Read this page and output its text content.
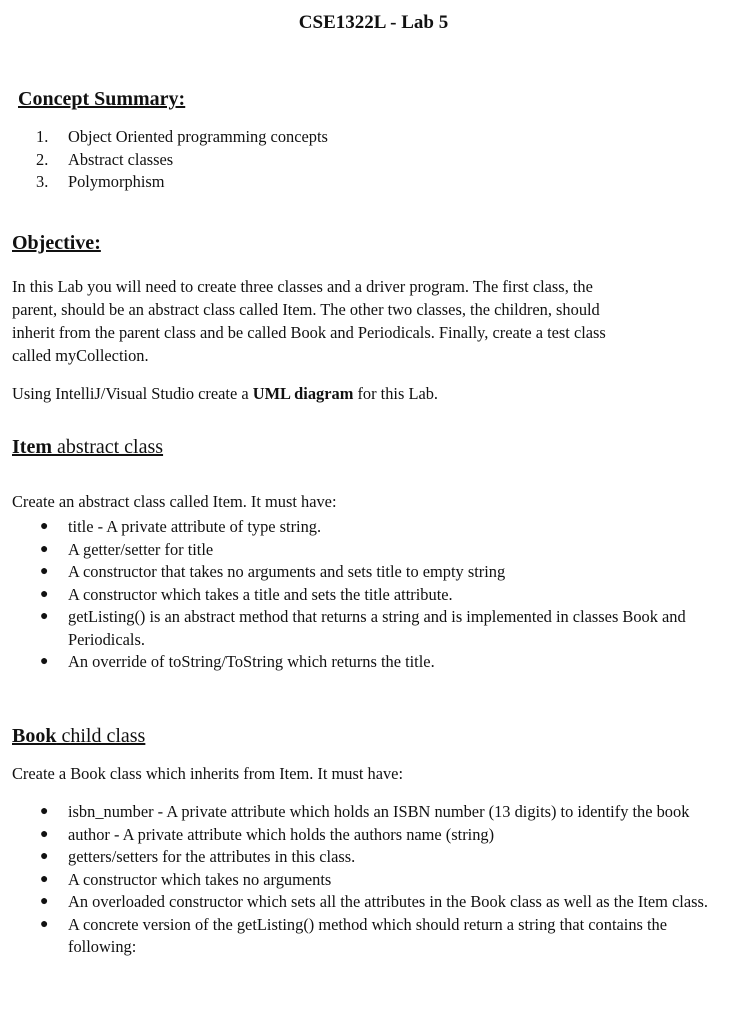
CSE1322L - Lab 5
Concept Summary:
1. Object Oriented programming concepts
2. Abstract classes
3. Polymorphism
Objective:
In this Lab you will need to create three classes and a driver program. The first class, the
parent, should be an abstract class called Item. The other two classes, the children, should
inherit from the parent class and be called Book and Periodicals. Finally, create a test class
called myCollection.
Using IntelliJ/Visual Studio create a UML diagram for this Lab.
Item abstract class
Create an abstract class called Item. It must have:
● title - A private attribute of type string.
● A getter/setter for title
● A constructor that takes no arguments and sets title to empty string
● A constructor which takes a title and sets the title attribute.
● getListing() is an abstract method that returns a string and is implemented in classes Book and Periodicals.
● An override of toString/ToString which returns the title.
Book child class
Create a Book class which inherits from Item. It must have:
● isbn_number - A private attribute which holds an ISBN number (13 digits) to identify the book
● author - A private attribute which holds the authors name (string)
● getters/setters for the attributes in this class.
● A constructor which takes no arguments
● An overloaded constructor which sets all the attributes in the Book class as well as the Item class.
● A concrete version of the getListing() method which should return a string that contains the following:
